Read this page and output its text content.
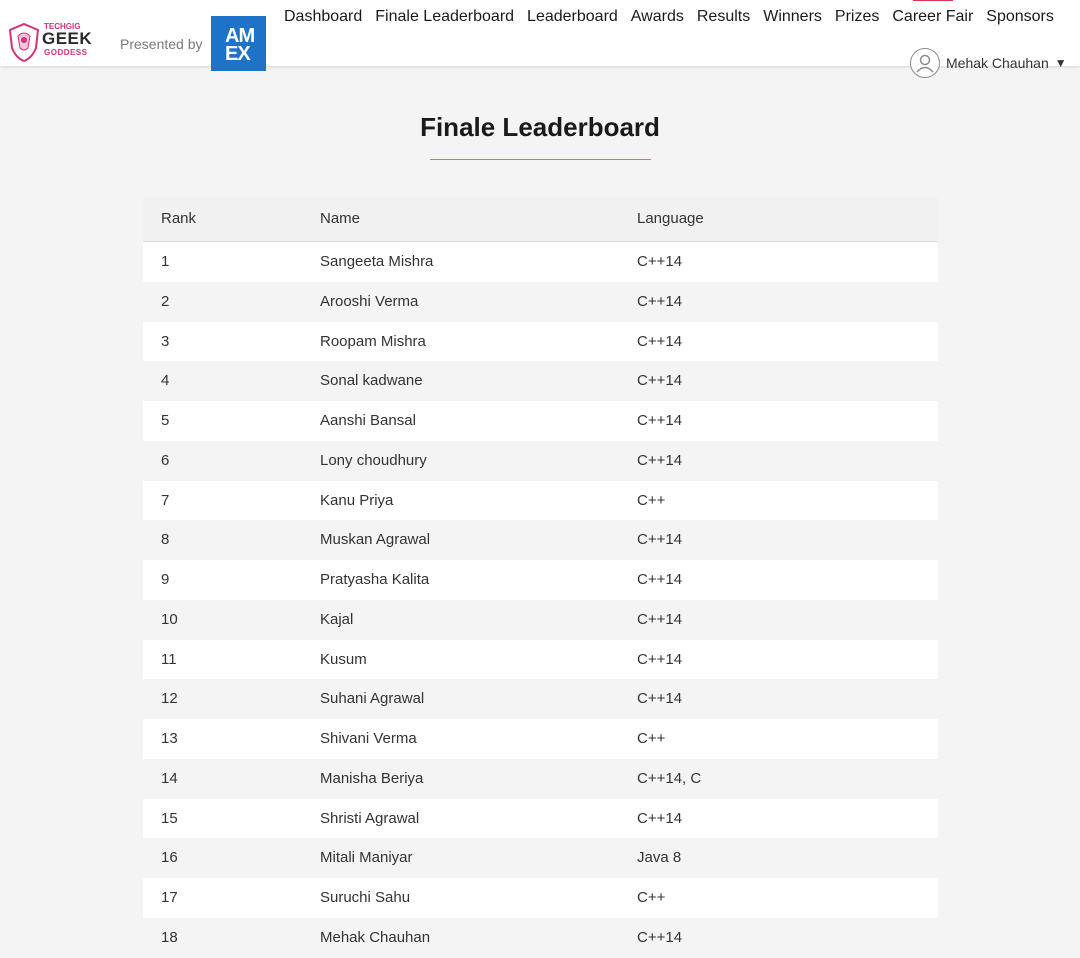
TECHGIG
GEEK
GODDESS
Presented by AM
EX
Dashboard Finale Leaderboard Leaderboard Awards Results Winners Prizes Career Fair Sponsors
Mehak Chauhan ▼
Finale Leaderboard
Rank	Name	Language
1	Sangeeta Mishra	C++14
2	Arooshi Verma	C++14
3	Roopam Mishra	C++14
4	Sonal kadwane	C++14
5	Aanshi Bansal	C++14
6	Lony choudhury	C++14
7	Kanu Priya	C++
8	Muskan Agrawal	C++14
9	Pratyasha Kalita	C++14
10	Kajal	C++14
11	Kusum	C++14
12	Suhani Agrawal	C++14
13	Shivani Verma	C++
14	Manisha Beriya	C++14, C
15	Shristi Agrawal	C++14
16	Mitali Maniyar	Java 8
17	Suruchi Sahu	C++
18	Mehak Chauhan	C++14
